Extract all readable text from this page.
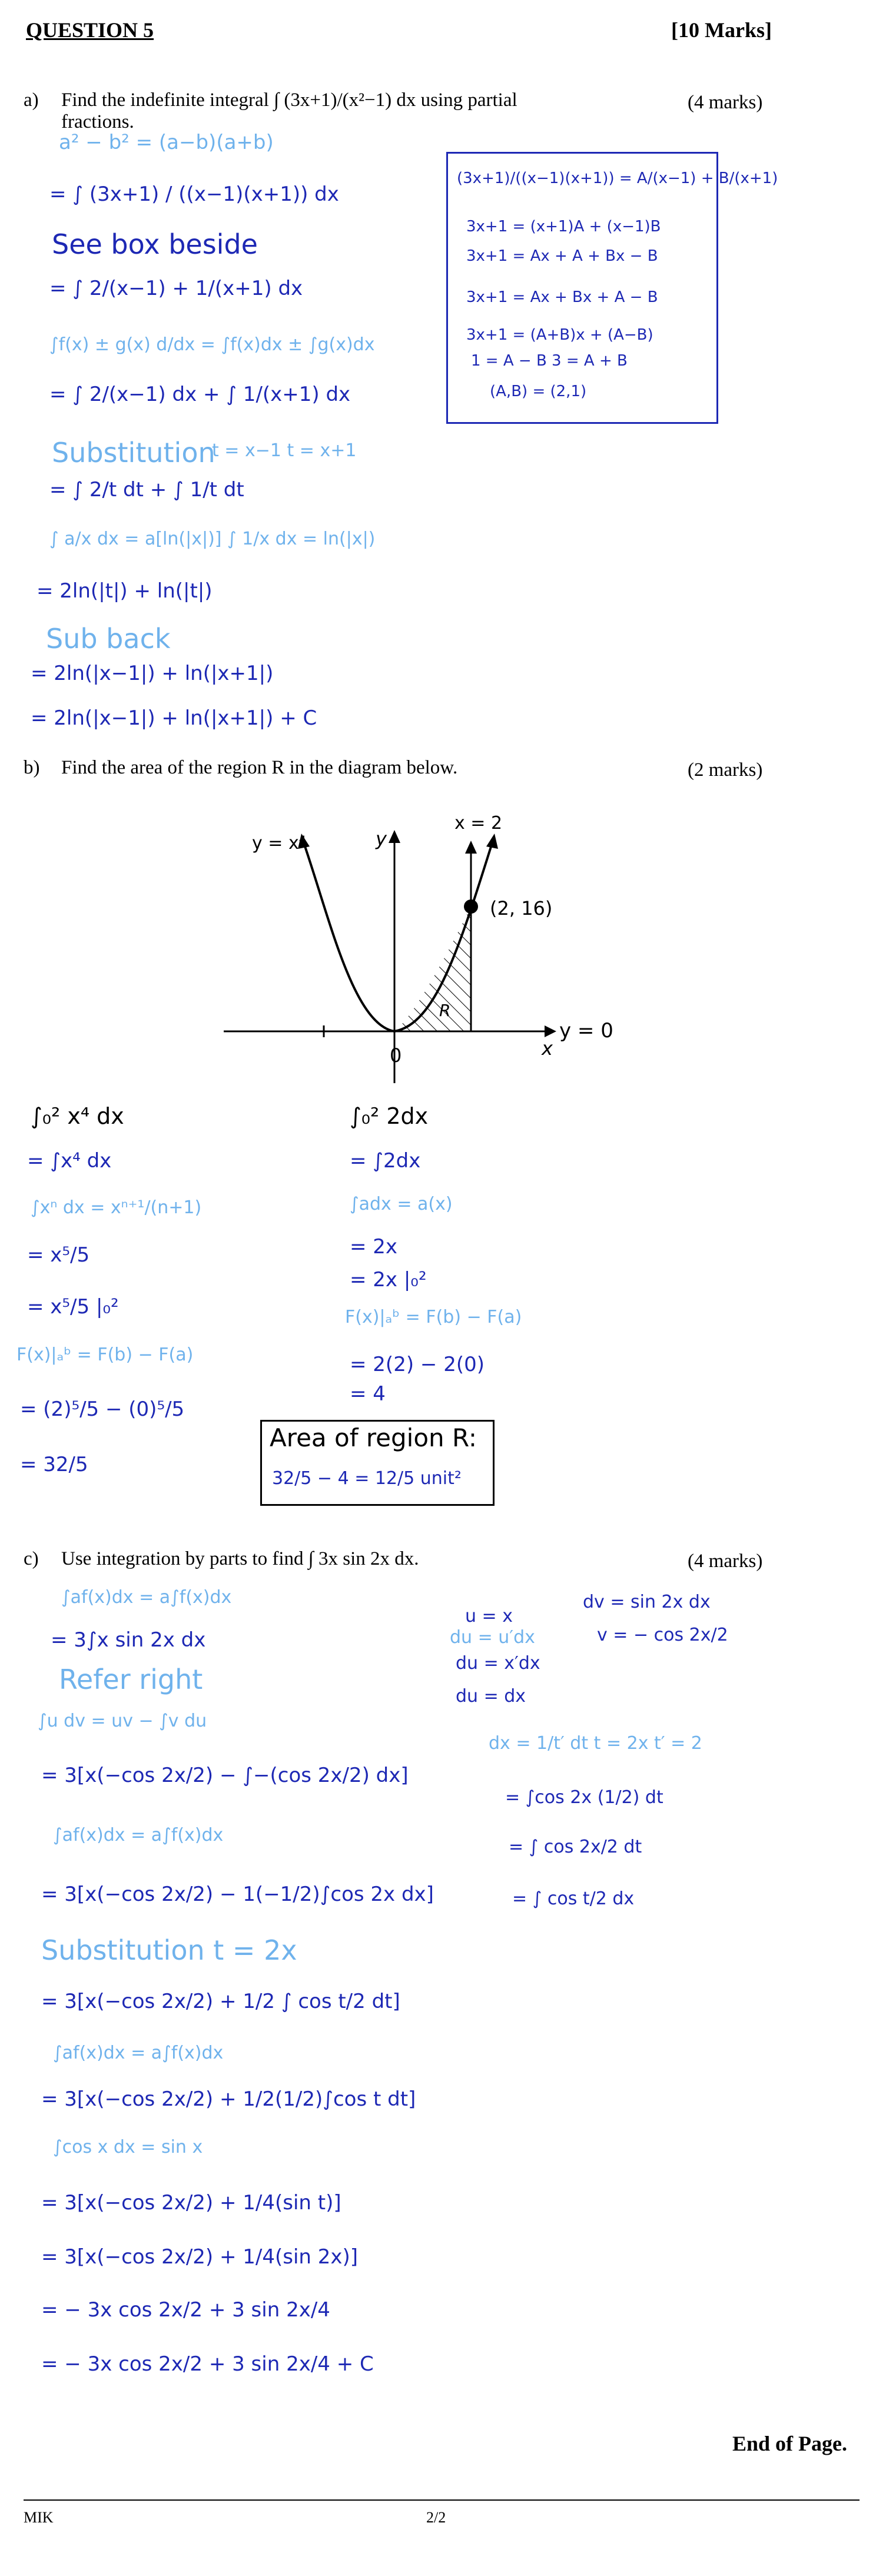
QUESTION 5	[10 Marks]
a) Find the indefinite integral ∫ (3x+1)/(x²−1) dx using partial fractions.
(4 marks)
a² − b² = (a−b)(a+b)
= ∫ (3x+1) / ((x−1)(x+1)) dx
See box beside
= ∫ 2/(x−1) + 1/(x+1) dx
∫f(x) ± g(x) d/dx = ∫f(x)dx ± ∫g(x)dx
= ∫ 2/(x−1) dx + ∫ 1/(x+1) dx
Substitution
t = x−1 t = x+1
= ∫ 2/t dt + ∫ 1/t dt
∫ a/x dx = a[ln(|x|)] ∫ 1/x dx = ln(|x|)
= 2ln(|t|) + ln(|t|)
Sub back
= 2ln(|x−1|) + ln(|x+1|)
= 2ln(|x−1|) + ln(|x+1|) + C
(3x+1)/((x−1)(x+1)) = A/(x−1) + B/(x+1)
3x+1 = (x+1)A + (x−1)B
3x+1 = Ax + A + Bx − B
3x+1 = Ax + Bx + A − B
3x+1 = (A+B)x + (A−B)
1 = A − B 3 = A + B
(A,B) = (2,1)
b) Find the area of the region R in the diagram below.	(2 marks)
y = x⁴	y
x = 2
(2, 16)
R
0	x
y = 0
∫₀² x⁴ dx
= ∫x⁴ dx
∫xⁿ dx = xⁿ⁺¹/(n+1)
= x⁵/5
= x⁵/5 |₀²
F(x)|ₐᵇ = F(b) − F(a)
= (2)⁵/5 − (0)⁵/5
= 32/5
∫₀² 2dx
= ∫2dx
∫adx = a(x)
= 2x
= 2x |₀²
F(x)|ₐᵇ = F(b) − F(a)
= 2(2) − 2(0)
= 4
Area of region R:
32/5 − 4 = 12/5 unit²
c) Use integration by parts to find ∫ 3x sin 2x dx.	(4 marks)
∫af(x)dx = a∫f(x)dx
= 3∫x sin 2x dx
Refer right
∫u dv = uv − ∫v du
= 3[x(−cos 2x/2) − ∫−(cos 2x/2) dx]
∫af(x)dx = a∫f(x)dx
= 3[x(−cos 2x/2) − 1(−1/2)∫cos 2x dx]
Substitution t = 2x
= 3[x(−cos 2x/2) + 1/2 ∫ cos t/2 dt]
∫af(x)dx = a∫f(x)dx
= 3[x(−cos 2x/2) + 1/2(1/2)∫cos t dt]
∫cos x dx = sin x
= 3[x(−cos 2x/2) + 1/4(sin t)]
= 3[x(−cos 2x/2) + 1/4(sin 2x)]
= − 3x cos 2x/2 + 3 sin 2x/4
= − 3x cos 2x/2 + 3 sin 2x/4 + C
u = x
du = u′dx
du = x′dx
du = dx
dv = sin 2x dx
v = − cos 2x/2
dx = 1/t′ dt t = 2x t′ = 2
= ∫cos 2x (1/2) dt
= ∫ cos 2x/2 dt
= ∫ cos t/2 dx
End of Page.
MIK	2/2
